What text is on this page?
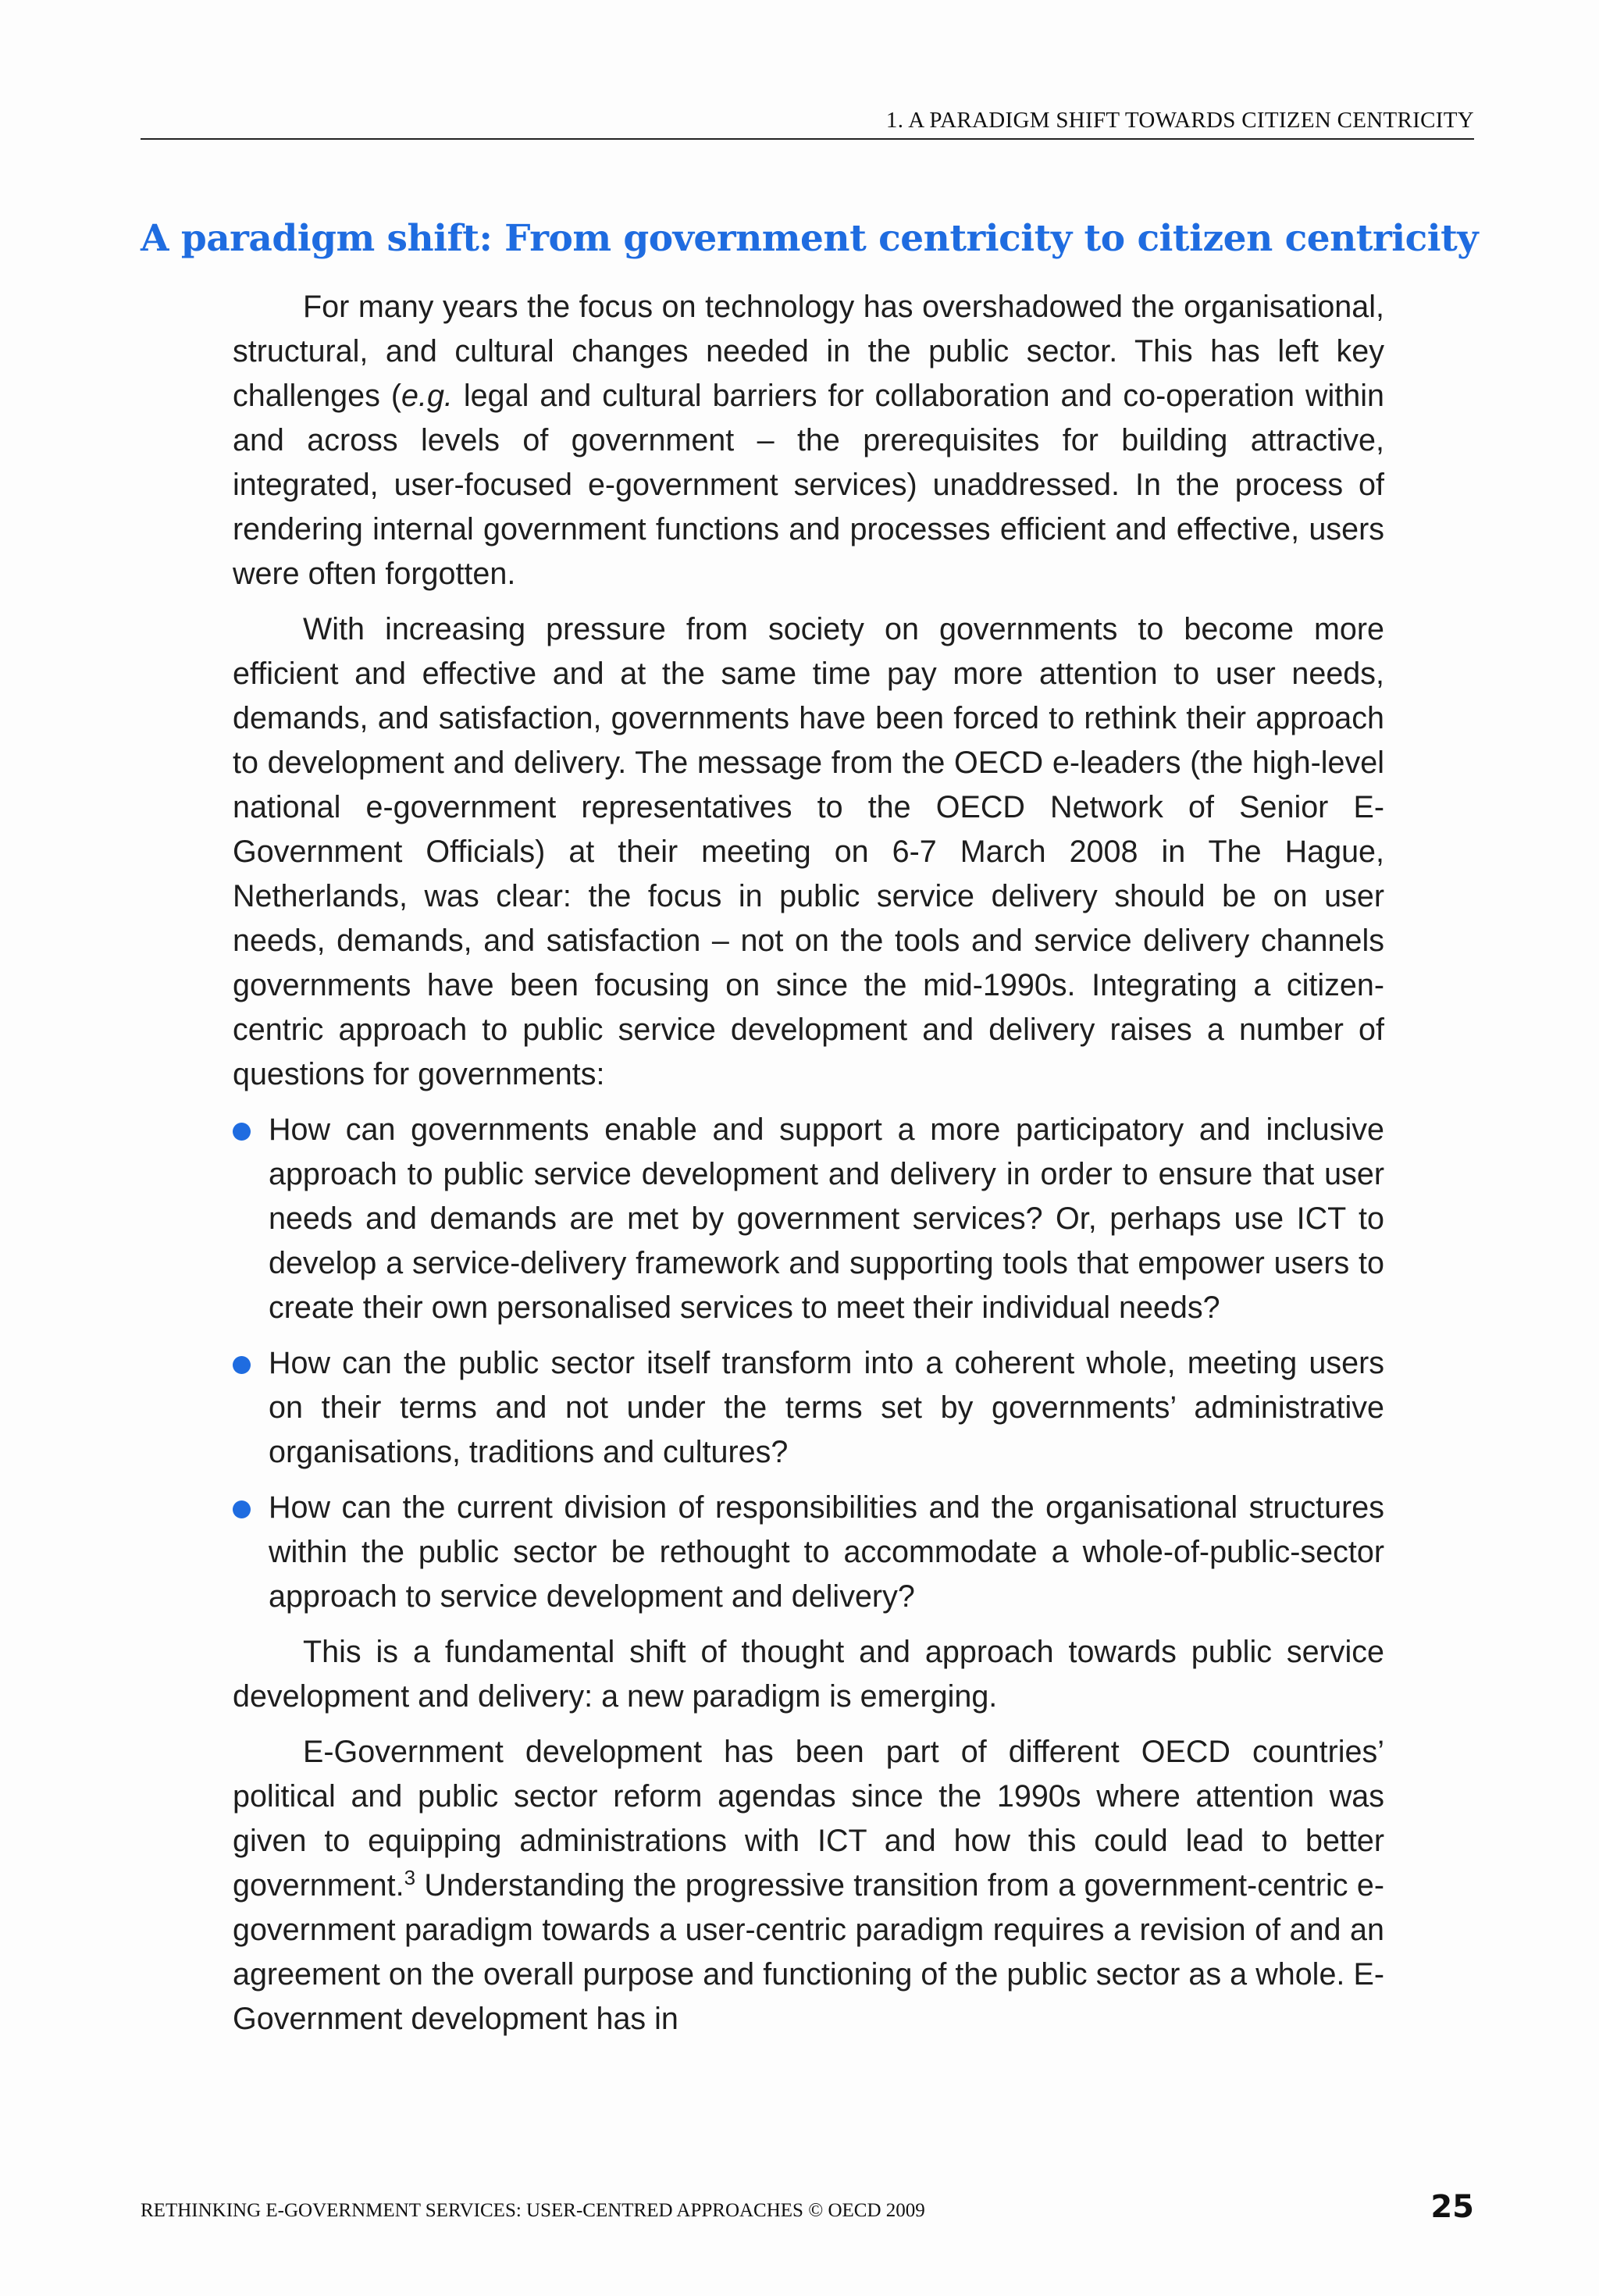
1. A PARADIGM SHIFT TOWARDS CITIZEN CENTRICITY
A paradigm shift: From government centricity to citizen centricity

For many years the focus on technology has overshadowed the organisational, structural, and cultural changes needed in the public sector. This has left key challenges (e.g. legal and cultural barriers for collaboration and co-operation within and across levels of government – the prerequisites for building attractive, integrated, user-focused e-government services) unaddressed. In the process of rendering internal government functions and processes efficient and effective, users were often forgotten.

With increasing pressure from society on governments to become more efficient and effective and at the same time pay more attention to user needs, demands, and satisfaction, governments have been forced to rethink their approach to development and delivery. The message from the OECD e-leaders (the high-level national e-government representatives to the OECD Network of Senior E-Government Officials) at their meeting on 6-7 March 2008 in The Hague, Netherlands, was clear: the focus in public service delivery should be on user needs, demands, and satisfaction – not on the tools and service delivery channels governments have been focusing on since the mid-1990s. Integrating a citizen-centric approach to public service development and delivery raises a number of questions for governments:

How can governments enable and support a more participatory and inclusive approach to public service development and delivery in order to ensure that user needs and demands are met by government services? Or, perhaps use ICT to develop a service-delivery framework and supporting tools that empower users to create their own personalised services to meet their individual needs?
How can the public sector itself transform into a coherent whole, meeting users on their terms and not under the terms set by governments’ administrative organisations, traditions and cultures?
How can the current division of responsibilities and the organisational structures within the public sector be rethought to accommodate a whole-of-public-sector approach to service development and delivery?

This is a fundamental shift of thought and approach towards public service development and delivery: a new paradigm is emerging.

E-Government development has been part of different OECD countries’ political and public sector reform agendas since the 1990s where attention was given to equipping administrations with ICT and how this could lead to better government.$^3$ Understanding the progressive transition from a government-centric e-government paradigm towards a user-centric paradigm requires a revision of and an agreement on the overall purpose and functioning of the public sector as a whole. E-Government development has in

RETHINKING E-GOVERNMENT SERVICES: USER-CENTRED APPROACHES © OECD 2009	25
